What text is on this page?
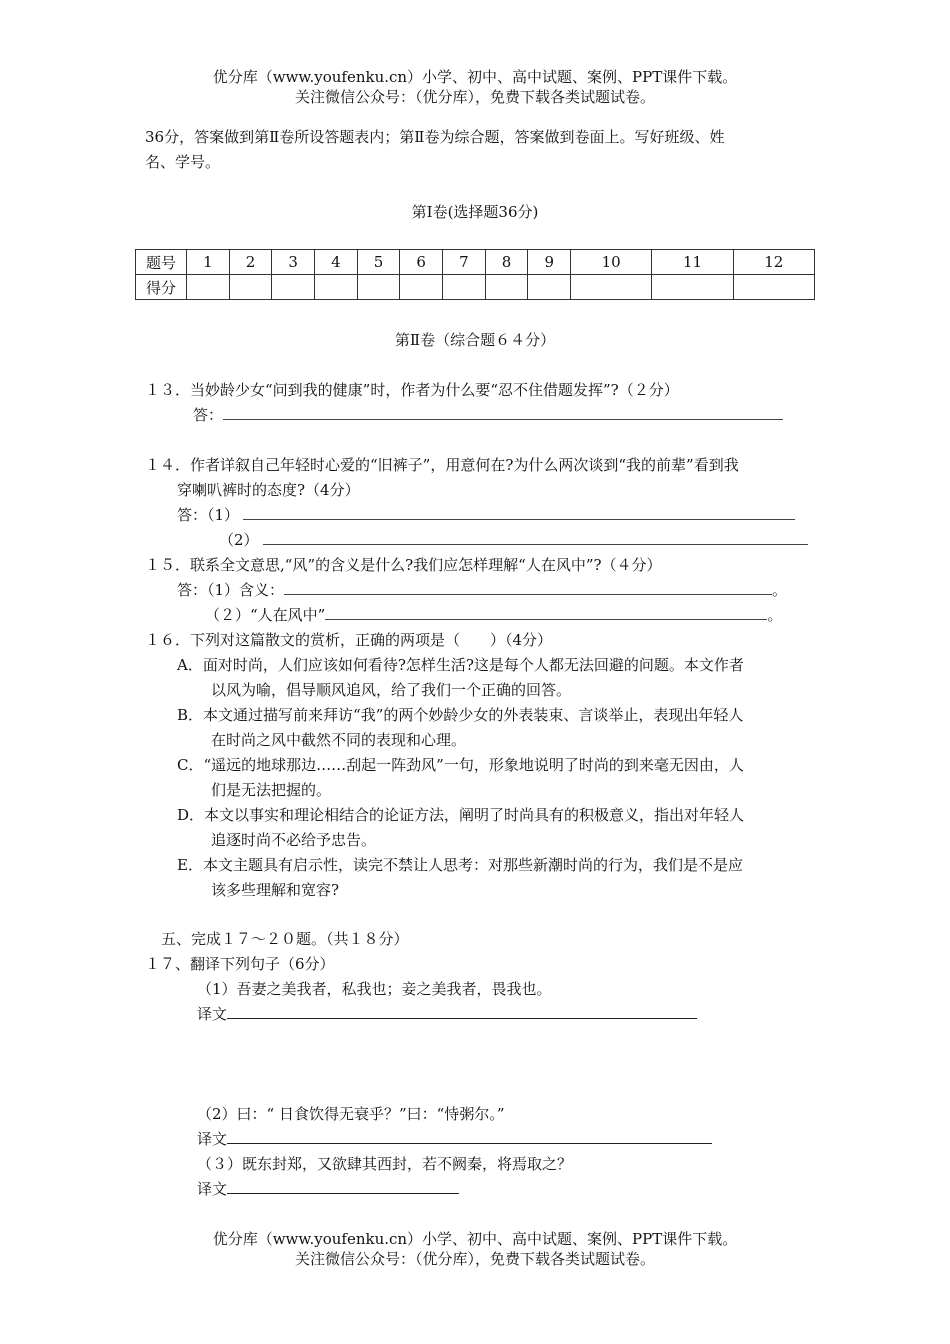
优分库（www.youfenku.cn）小学、初中、高中试题、案例、PPT课件下载。
关注微信公众号：（优分库），免费下载各类试题试卷。
36分，答案做到第Ⅱ卷所设答题表内；第Ⅱ卷为综合题，答案做到卷面上。写好班级、姓
名、学号。
第Ⅰ卷(选择题36分)
题号	1	2	3	4	5	6	7	8	9	10	11	12
得分												
第Ⅱ卷（综合题６４分）
１３．当妙龄少女“问到我的健康”时，作者为什么要“忍不住借题发挥”?（２分）
答：
１４．作者详叙自己年轻时心爱的“旧裤子”，用意何在?为什么两次谈到“我的前辈”看到我
穿喇叭裤时的态度?（4分）
答：（1）
（2）
１５．联系全文意思,“风”的含义是什么?我们应怎样理解“人在风中”?（４分）
答：（1）含义：	。
（２）“人在风中”	。
１６．下列对这篇散文的赏析，正确的两项是（　　）（4分）
A．面对时尚，人们应该如何看待?怎样生活?这是每个人都无法回避的问题。本文作者
以风为喻，倡导顺风追风，给了我们一个正确的回答。
B．本文通过描写前来拜访“我”的两个妙龄少女的外表装束、言谈举止，表现出年轻人
在时尚之风中截然不同的表现和心理。
C．“遥远的地球那边……刮起一阵劲风”一句，形象地说明了时尚的到来毫无因由，人
们是无法把握的。
D．本文以事实和理论相结合的论证方法，阐明了时尚具有的积极意义，指出对年轻人
追逐时尚不必给予忠告。
E．本文主题具有启示性，读完不禁让人思考：对那些新潮时尚的行为，我们是不是应
该多些理解和宽容?
五、完成１７～２０题。（共１８分）
１７、翻译下列句子（6分）
（1）吾妻之美我者，私我也；妾之美我者，畏我也。
译文
（2）曰：“ 日食饮得无衰乎？”曰：“恃粥尔。”
译文
（３）既东封郑，又欲肆其西封，若不阙秦，将焉取之？
译文
优分库（www.youfenku.cn）小学、初中、高中试题、案例、PPT课件下载。
关注微信公众号：（优分库），免费下载各类试题试卷。
